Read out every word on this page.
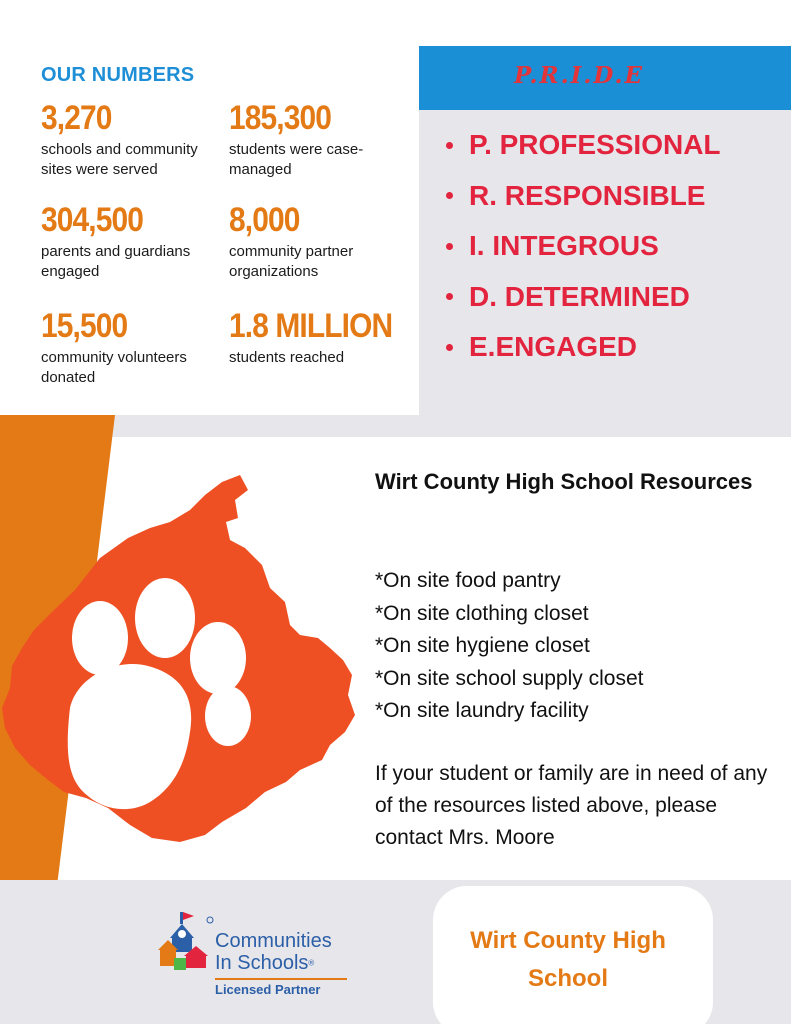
OUR NUMBERS
3,270
schools and community sites were served
185,300
students were case-managed
304,500
parents and guardians engaged
8,000
community partner organizations
15,500
community volunteers donated
1.8 MILLION
students reached
P.R.I.D.E
P. PROFESSIONAL
R. RESPONSIBLE
I. INTEGROUS
D. DETERMINED
E.ENGAGED
Wirt County High School Resources
*On site food pantry
*On site clothing closet
*On site hygiene closet
*On site school supply closet
*On site laundry facility
If your student or family are in need of any of the resources listed above, please contact Mrs. Moore
Wirt County High School
Communities
In Schools®
Licensed Partner
